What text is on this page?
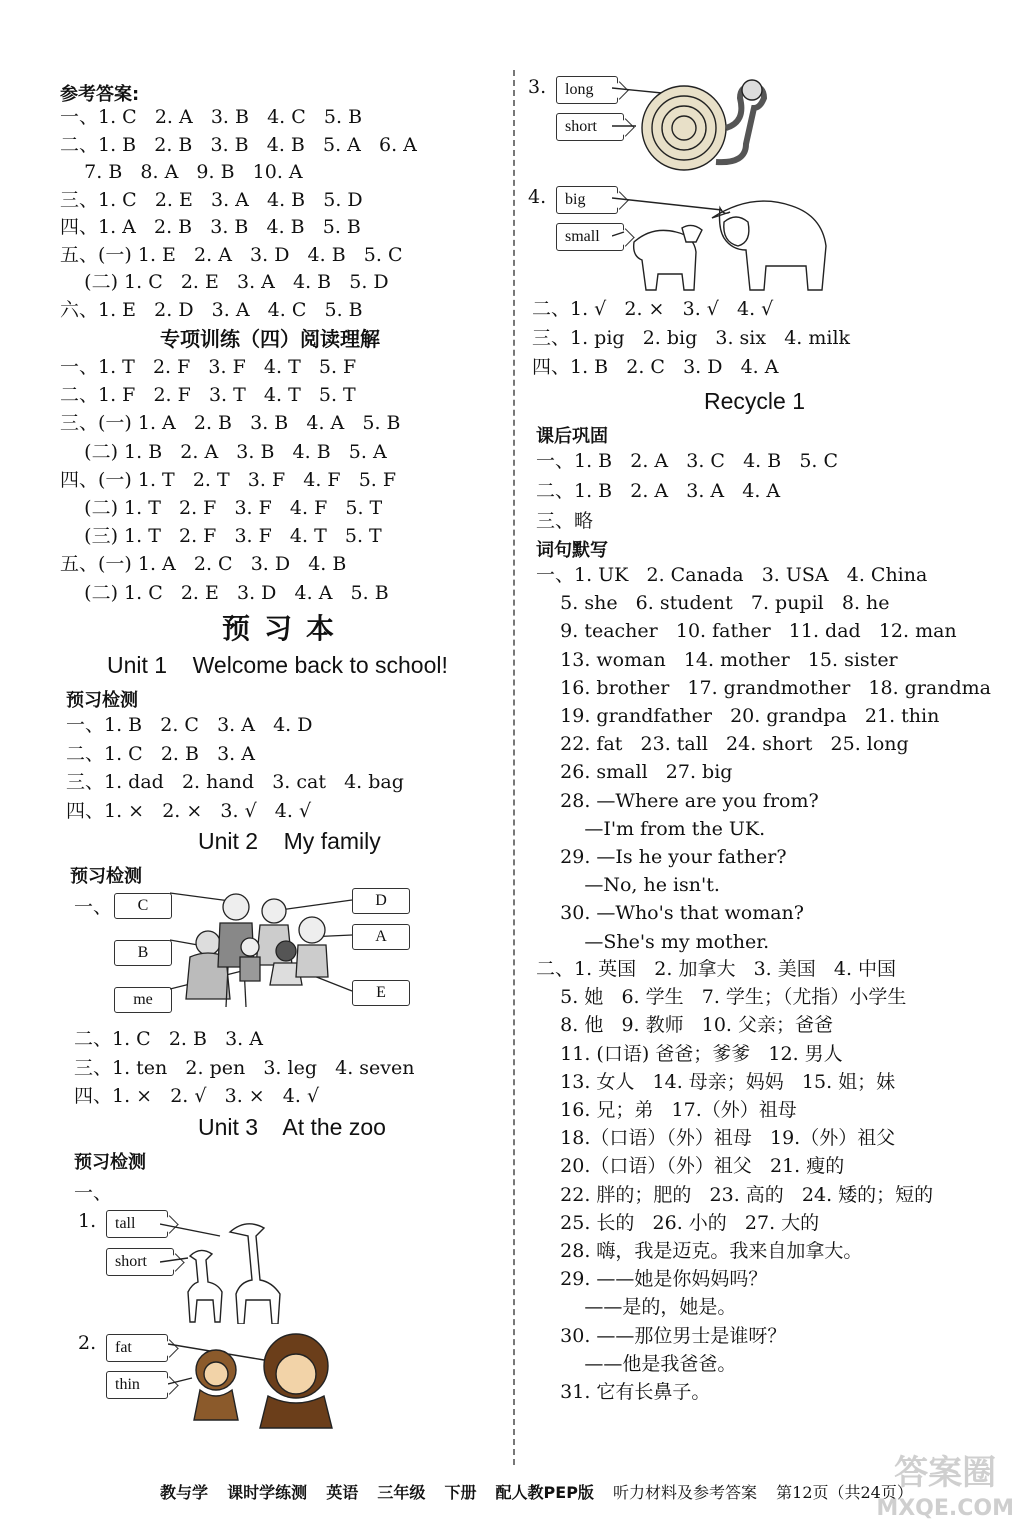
参考答案:
一、1. C   2. A   3. B   4. C   5. B
二、1. B   2. B   3. B   4. B   5. A   6. A
7. B   8. A   9. B   10. A
三、1. C   2. E   3. A   4. B   5. D
四、1. A   2. B   3. B   4. B   5. B
五、(一) 1. E   2. A   3. D   4. B   5. C
(二) 1. C   2. E   3. A   4. B   5. D
六、1. E   2. D   3. A   4. C   5. B
专项训练（四）阅读理解
一、1. T   2. F   3. F   4. T   5. F
二、1. F   2. F   3. T   4. T   5. T
三、(一) 1. A   2. B   3. B   4. A   5. B
(二) 1. B   2. A   3. B   4. B   5. A
四、(一) 1. T   2. T   3. F   4. F   5. F
(二) 1. T   2. F   3. F   4. F   5. T
(三) 1. T   2. F   3. F   4. T   5. T
五、(一) 1. A   2. C   3. D   4. B
(二) 1. C   2. E   3. D   4. A   5. B
预习本
Unit 1    Welcome back to school!
预习检测
一、1. B   2. C   3. A   4. D
二、1. C   2. B   3. A
三、1. dad   2. hand   3. cat   4. bag
四、1. ×   2. ×   3. √   4. √
Unit 2    My family
预习检测
一、	C
B
me
D
A
E
二、1. C   2. B   3. A
三、1. ten   2. pen   3. leg   4. seven
四、1. ×   2. √   3. ×   4. √
Unit 3    At the zoo
预习检测
一、
1.	tall
short
2.	fat
thin
3.	long
short
4.	big
small
二、1. √   2. ×   3. √   4. √
三、1. pig   2. big   3. six   4. milk
四、1. B   2. C   3. D   4. A
Recycle 1
课后巩固
一、1. B   2. A   3. C   4. B   5. C
二、1. B   2. A   3. A   4. A
三、略
词句默写
一、1. UK   2. Canada   3. USA   4. China
5. she   6. student   7. pupil   8. he
9. teacher   10. father   11. dad   12. man
13. woman   14. mother   15. sister
16. brother   17. grandmother   18. grandma
19. grandfather   20. grandpa   21. thin
22. fat   23. tall   24. short   25. long
26. small   27. big
28. —Where are you from?
—I'm from the UK.
29. —Is he your father?
—No, he isn't.
30. —Who's that woman?
—She's my mother.
二、1. 英国   2. 加拿大   3. 美国   4. 中国
5. 她   6. 学生   7. 学生；（尤指）小学生
8. 他   9. 教师   10. 父亲；爸爸
11. (口语) 爸爸；爹爹   12. 男人
13. 女人   14. 母亲；妈妈   15. 姐；妹
16. 兄；弟   17.（外）祖母
18.（口语）（外）祖母   19.（外）祖父
20.（口语）（外）祖父   21. 瘦的
22. 胖的；肥的   23. 高的   24. 矮的；短的
25. 长的   26. 小的   27. 大的
28. 嗨，我是迈克。我来自加拿大。
29. ——她是你妈妈吗？
——是的，她是。
30. ——那位男士是谁呀？
——他是我爸爸。
31. 它有长鼻子。
教与学 课时学练测 英语 三年级 下册 配人教PEP版 听力材料及参考答案 第12页（共24页）
答案圈
MXQE.COM
